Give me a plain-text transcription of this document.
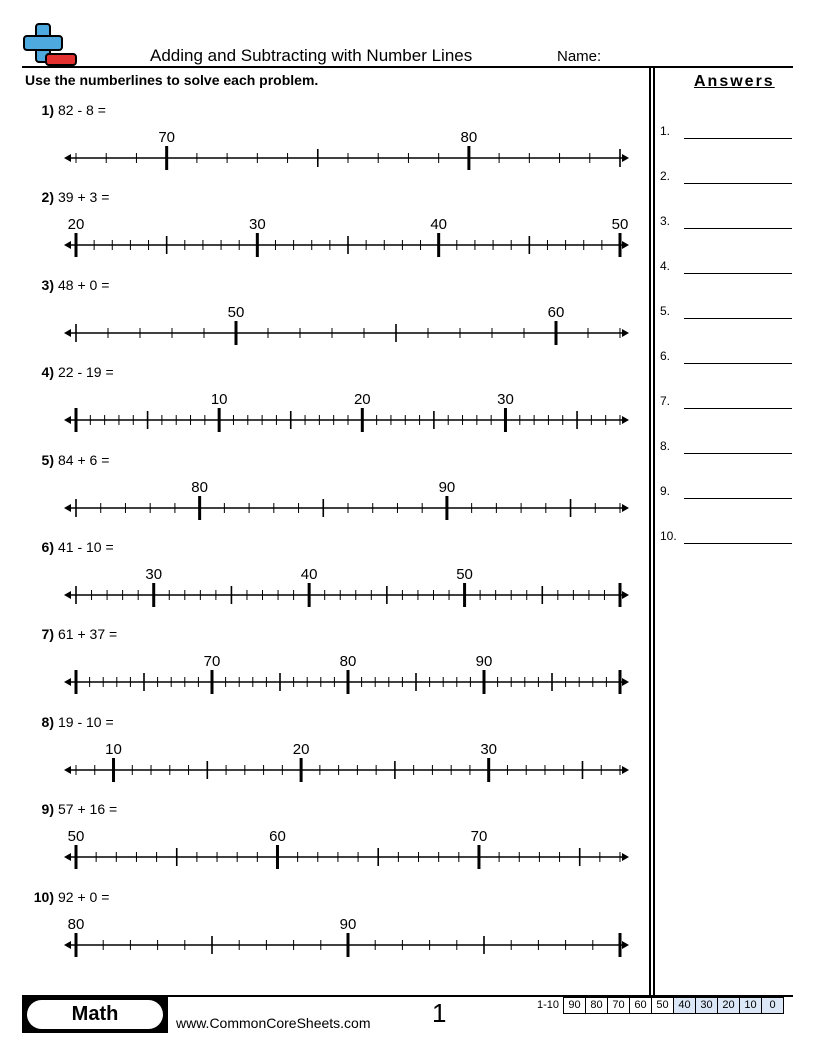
Adding and Subtracting with Number Lines	Name:
Use the numberlines to solve each problem.	Answers
1.
2.
3.
4.
5.
6.
7.
8.
9.
10.
1) 82 - 8 =
70	80
2) 39 + 3 =
20	30	40	50
3) 48 + 0 =
50	60
4) 22 - 19 =
10	20	30
5) 84 + 6 =
80	90
6) 41 - 10 =
30	40	50
7) 61 + 37 =
70	80	90
8) 19 - 10 =
10	20	30
9) 57 + 16 =
50	60	70
10) 92 + 0 =
80	90
Math	www.CommonCoreSheets.com 1	1-10 90 80 70 60 50 40 30 20 10	0
